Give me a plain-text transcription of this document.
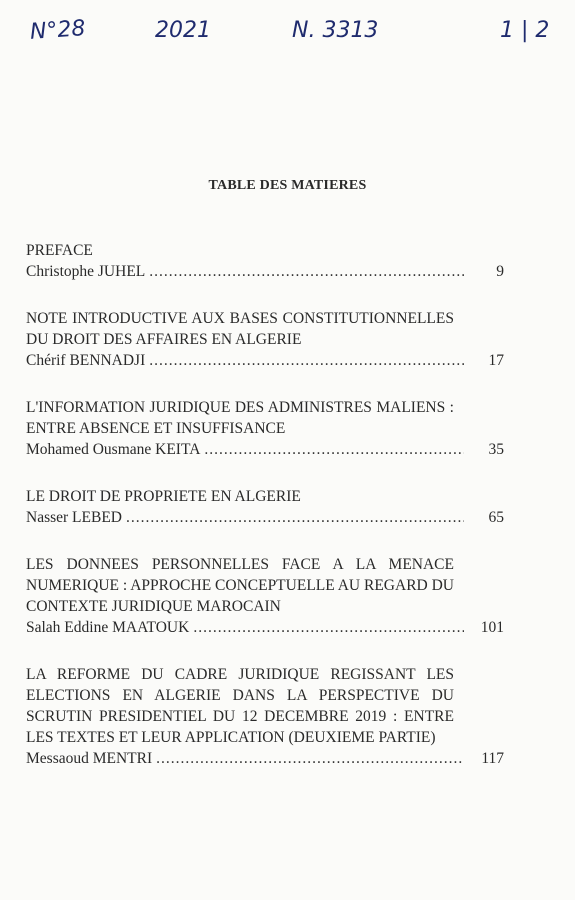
N°28	2021	N. 3313	1 | 2
TABLE DES MATIERES
PREFACE
Christophe JUHEL .....	9
NOTE INTRODUCTIVE AUX BASES CONSTITUTIONNELLES DU DROIT DES AFFAIRES EN ALGERIE
Chérif BENNADJI .....	17
L'INFORMATION JURIDIQUE DES ADMINISTRES MALIENS : ENTRE ABSENCE ET INSUFFISANCE
Mohamed Ousmane KEITA .....	35
LE DROIT DE PROPRIETE EN ALGERIE
Nasser LEBED .....	65
LES DONNEES PERSONNELLES FACE A LA MENACE NUMERIQUE : APPROCHE CONCEPTUELLE AU REGARD DU CONTEXTE JURIDIQUE MAROCAIN
Salah Eddine MAATOUK .....	101
LA REFORME DU CADRE JURIDIQUE REGISSANT LES ELECTIONS EN ALGERIE DANS LA PERSPECTIVE DU SCRUTIN PRESIDENTIEL DU 12 DECEMBRE 2019 : ENTRE LES TEXTES ET LEUR APPLICATION (DEUXIEME PARTIE)
Messaoud MENTRI .....	117
